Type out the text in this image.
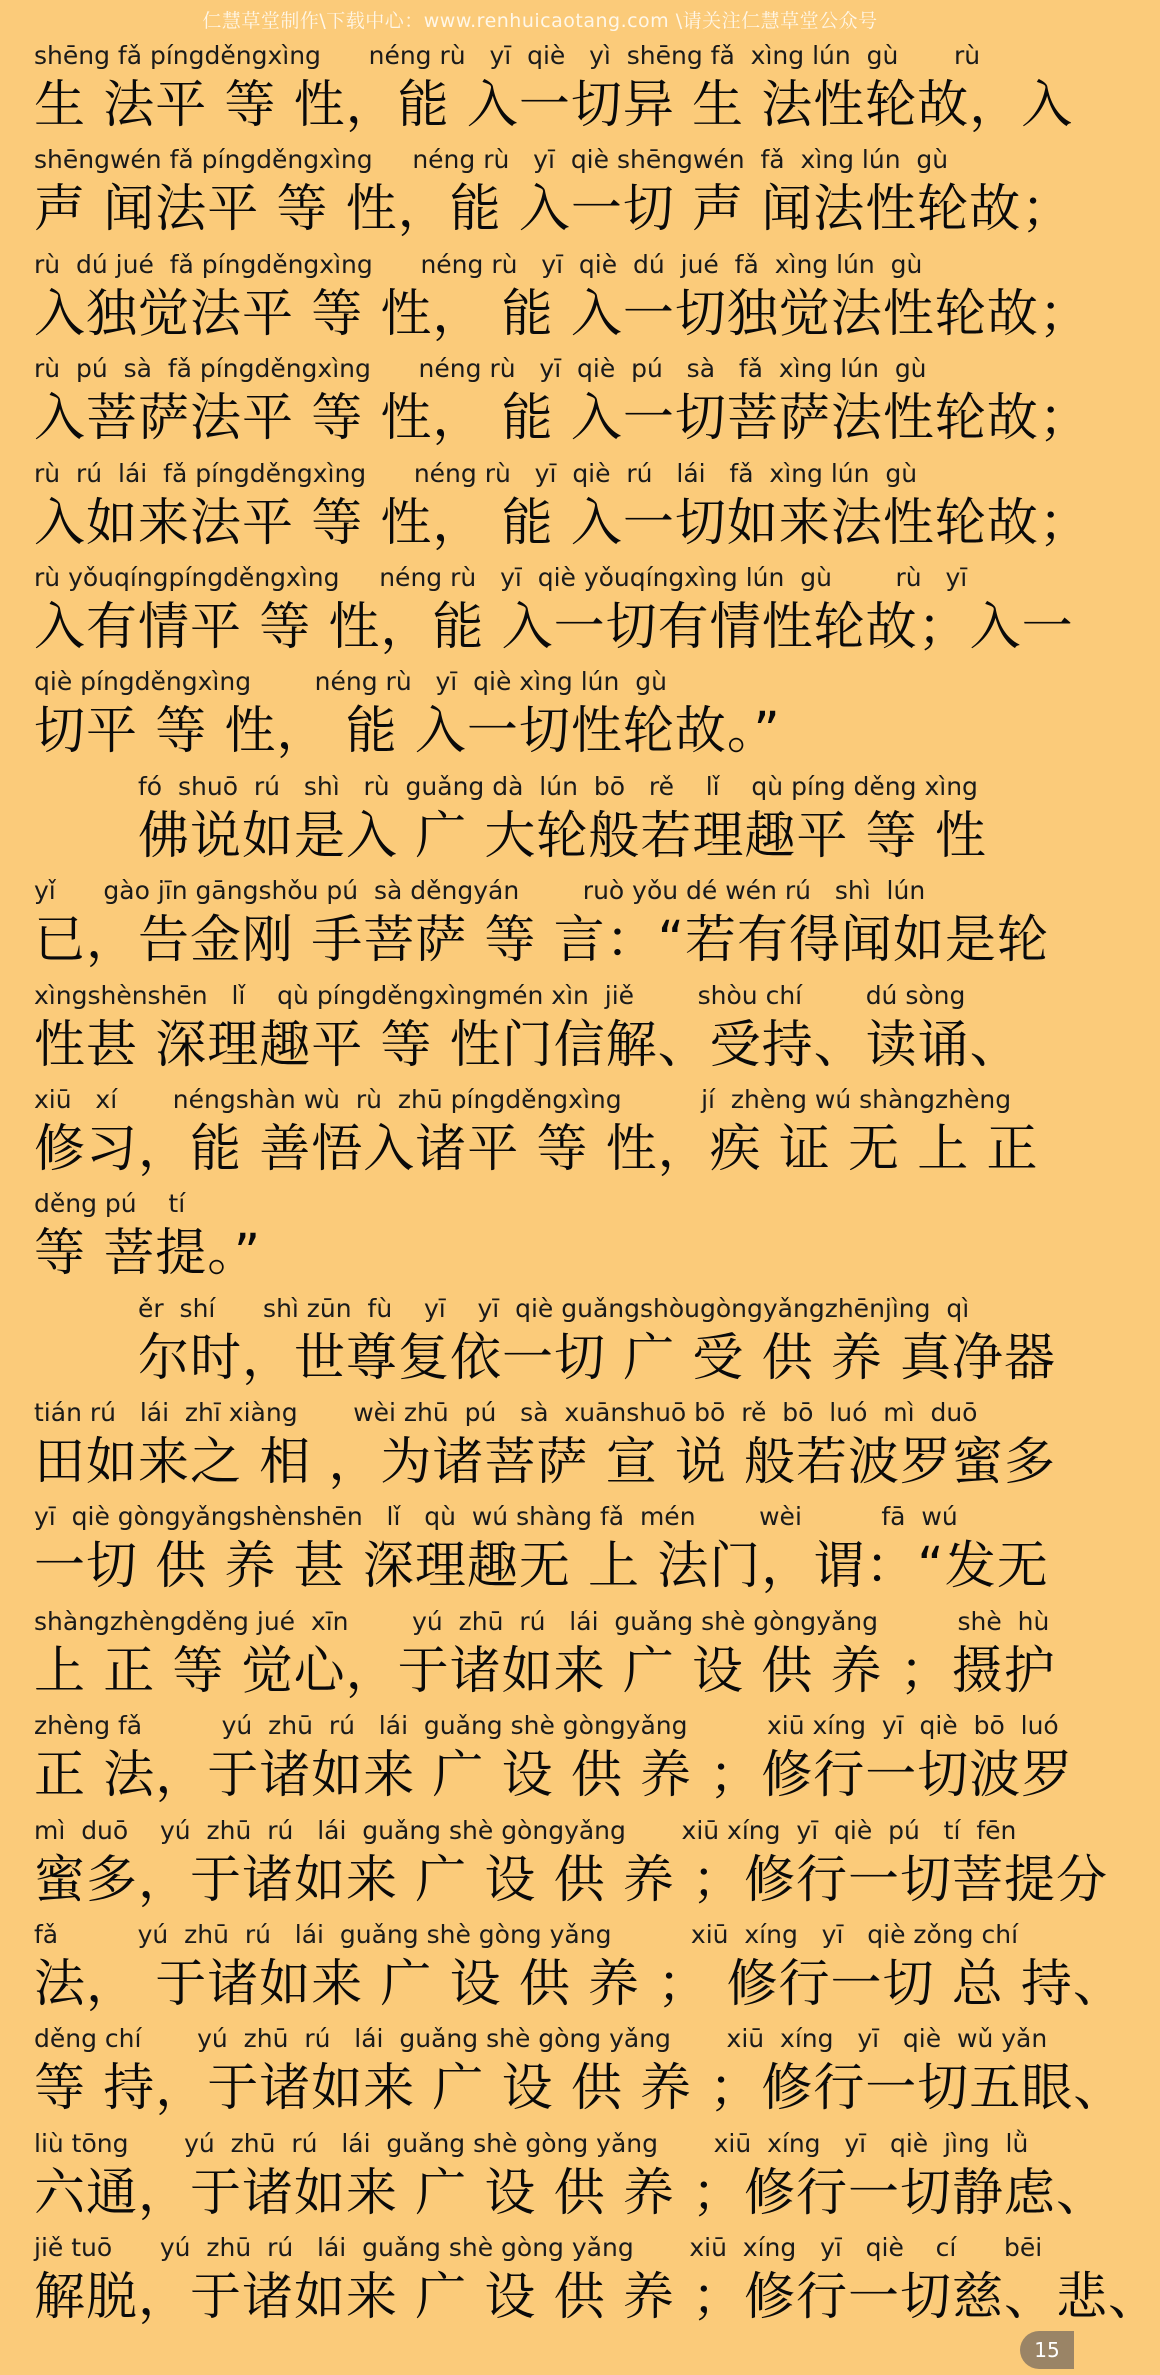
仁慧草堂制作\下载中心：www.renhuicaotang.com \请关注仁慧草堂公众号
shēng fǎ píngděngxìng      néng rù   yī  qiè   yì  shēng fǎ  xìng lún  gù       rù
生 法平 等 性，能 入一切异 生 法性轮故，入
shēngwén fǎ píngděngxìng     néng rù   yī  qiè shēngwén  fǎ  xìng lún  gù
声 闻法平 等 性，能 入一切 声 闻法性轮故；
rù  dú jué  fǎ píngděngxìng      néng rù   yī  qiè  dú  jué  fǎ  xìng lún  gù
入独觉法平 等 性， 能 入一切独觉法性轮故；
rù  pú  sà  fǎ píngděngxìng      néng rù   yī  qiè  pú   sà   fǎ  xìng lún  gù
入菩萨法平 等 性， 能 入一切菩萨法性轮故；
rù  rú  lái  fǎ píngděngxìng      néng rù   yī  qiè  rú   lái   fǎ  xìng lún  gù
入如来法平 等 性， 能 入一切如来法性轮故；
rù yǒuqíngpíngděngxìng     néng rù   yī  qiè yǒuqíngxìng lún  gù        rù   yī
入有情平 等 性，能 入一切有情性轮故；入一
qiè píngděngxìng        néng rù   yī  qiè xìng lún  gù
切平 等 性， 能 入一切性轮故。”
fó  shuō  rú   shì   rù  guǎng dà  lún  bō   rě    lǐ    qù píng děng xìng
佛说如是入 广 大轮般若理趣平 等 性
yǐ      gào jīn gāngshǒu pú  sà děngyán        ruò yǒu dé wén rú   shì  lún
已，告金刚 手菩萨 等 言：“若有得闻如是轮
xìngshènshēn   lǐ    qù píngděngxìngmén xìn  jiě        shòu chí        dú sòng
性甚 深理趣平 等 性门信解、受持、读诵、
xiū   xí       néngshàn wù  rù  zhū píngděngxìng          jí  zhèng wú shàngzhèng
修习，能 善悟入诸平 等 性，疾 证 无 上 正
děng pú    tí
等 菩提。”
ěr  shí      shì zūn  fù    yī    yī  qiè guǎngshòugòngyǎngzhēnjìng  qì
尔时，世尊复依一切 广 受 供 养 真净器
tián rú   lái  zhī xiàng       wèi zhū  pú   sà  xuānshuō bō  rě  bō  luó  mì  duō
田如来之 相 ，为诸菩萨 宣 说 般若波罗蜜多
yī  qiè gòngyǎngshènshēn   lǐ   qù  wú shàng fǎ  mén        wèi          fā  wú
一切 供 养 甚 深理趣无 上 法门，谓：“发无
shàngzhèngděng jué  xīn        yú  zhū  rú   lái  guǎng shè gòngyǎng          shè  hù
上 正 等 觉心，于诸如来 广 设 供 养 ；摄护
zhèng fǎ          yú  zhū  rú   lái  guǎng shè gòngyǎng          xiū xíng  yī  qiè  bō  luó
正 法，于诸如来 广 设 供 养 ；修行一切波罗
mì  duō    yú  zhū  rú   lái  guǎng shè gòngyǎng       xiū xíng  yī  qiè  pú   tí  fēn
蜜多，于诸如来 广 设 供 养 ；修行一切菩提分
fǎ          yú  zhū  rú   lái  guǎng shè gòng yǎng          xiū  xíng   yī   qiè zǒng chí
法， 于诸如来 广 设 供 养 ； 修行一切 总 持、
děng chí       yú  zhū  rú   lái  guǎng shè gòng yǎng       xiū  xíng   yī   qiè  wǔ yǎn
等 持，于诸如来 广 设 供 养 ；修行一切五眼、
liù tōng       yú  zhū  rú   lái  guǎng shè gòng yǎng       xiū  xíng   yī   qiè  jìng  lǜ
六通，于诸如来 广 设 供 养 ；修行一切静虑、
jiě tuō      yú  zhū  rú   lái  guǎng shè gòng yǎng       xiū  xíng   yī   qiè    cí      bēi
解脱，于诸如来 广 设 供 养 ；修行一切慈、悲、
15
